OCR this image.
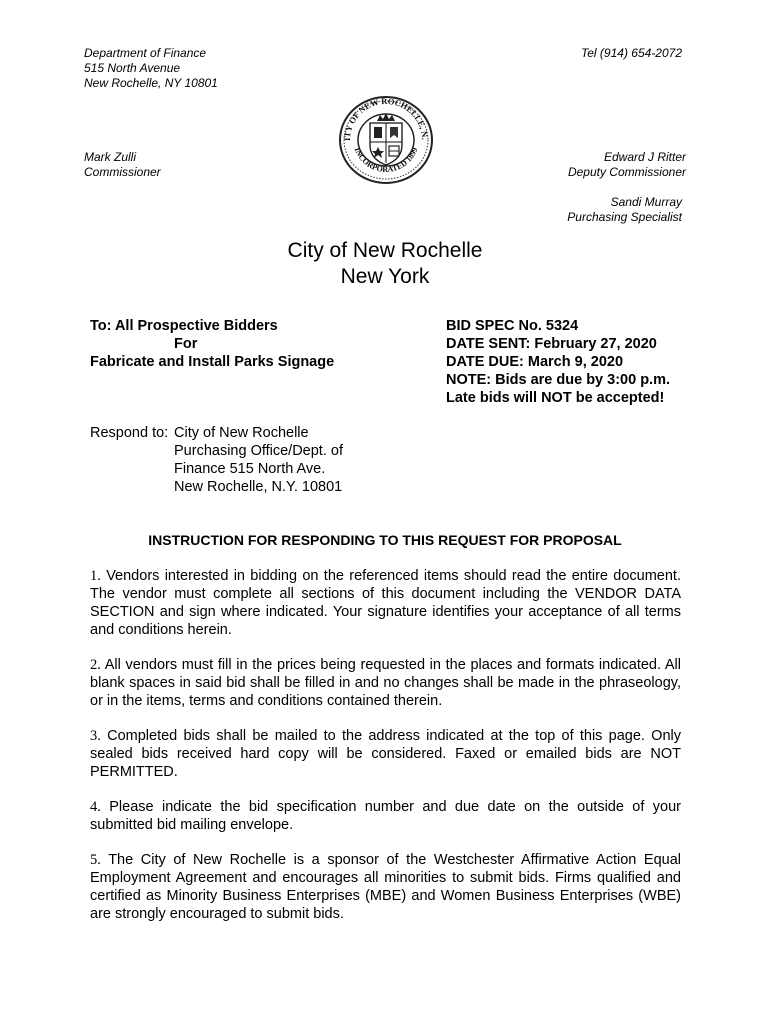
Department of Finance
515 North Avenue
New Rochelle, NY 10801
Tel (914) 654-2072
ITY OF NEW ROCHELLE, N.
INCORPORATED 1899
Mark Zulli
Commissioner
Edward J Ritter
Deputy Commissioner
Sandi Murray
Purchasing Specialist
City of New Rochelle
New York
To: All Prospective Bidders
For
Fabricate and Install Parks Signage
BID SPEC No. 5324
DATE SENT: February 27, 2020
DATE DUE: March 9, 2020
NOTE: Bids are due by 3:00 p.m.
Late bids will NOT be accepted!
Respond to: City of New Rochelle
Purchasing Office/Dept. of
Finance 515 North Ave.
New Rochelle, N.Y. 10801
INSTRUCTION FOR RESPONDING TO THIS REQUEST FOR PROPOSAL
1. Vendors interested in bidding on the referenced items should read the entire document. The vendor must complete all sections of this document including the VENDOR DATA SECTION and sign where indicated. Your signature identifies your acceptance of all terms and conditions herein.
2. All vendors must fill in the prices being requested in the places and formats indicated. All blank spaces in said bid shall be filled in and no changes shall be made in the phraseology, or in the items, terms and conditions contained therein.
3. Completed bids shall be mailed to the address indicated at the top of this page. Only sealed bids received hard copy will be considered. Faxed or emailed bids are NOT PERMITTED.
4. Please indicate the bid specification number and due date on the outside of your submitted bid mailing envelope.
5. The City of New Rochelle is a sponsor of the Westchester Affirmative Action Equal Employment Agreement and encourages all minorities to submit bids. Firms qualified and certified as Minority Business Enterprises (MBE) and Women Business Enterprises (WBE) are strongly encouraged to submit bids.
